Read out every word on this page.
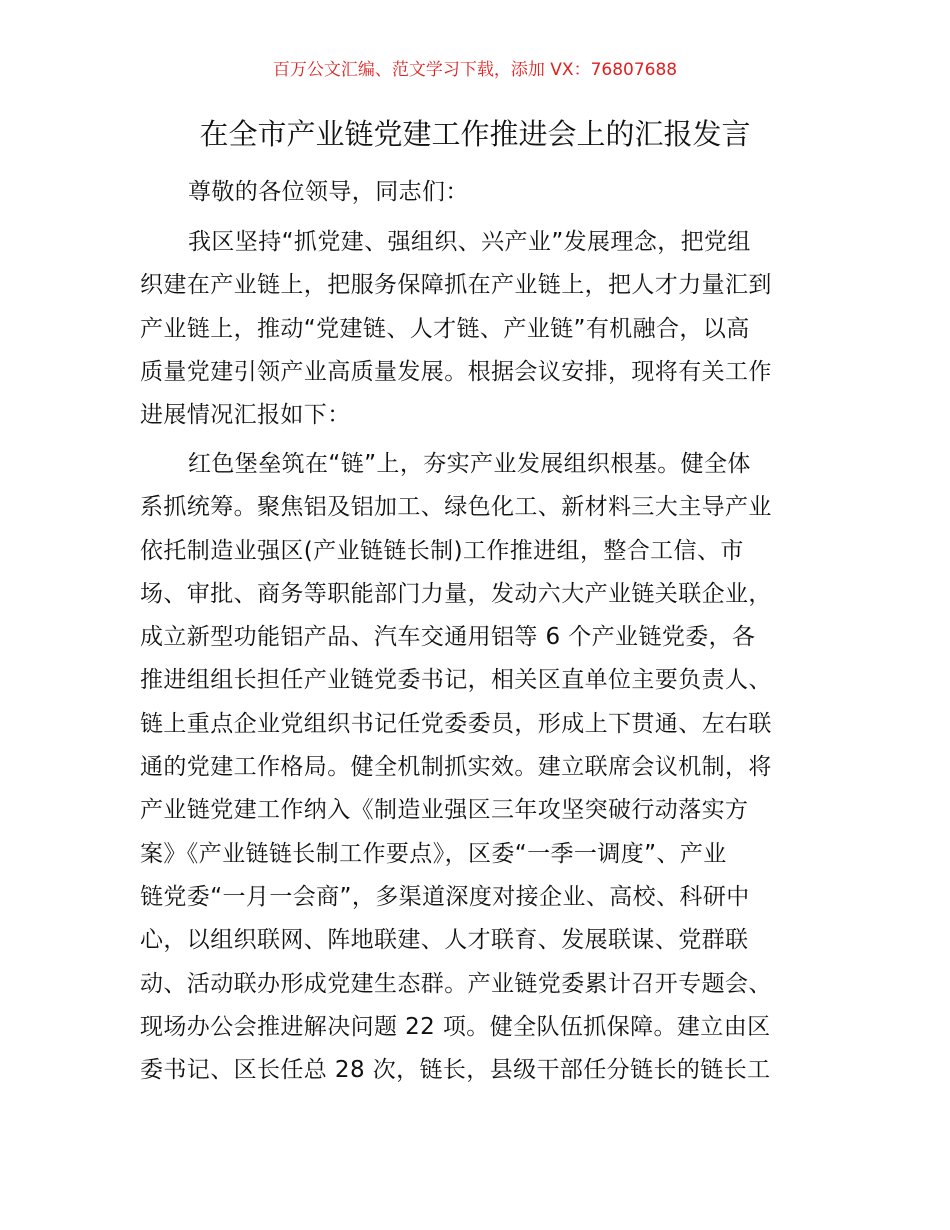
百万公文汇编、范文学习下载，添加 VX：76807688
在全市产业链党建工作推进会上的汇报发言
尊敬的各位领导，同志们：
我区坚持“抓党建、强组织、兴产业”发展理念，把党组
织建在产业链上，把服务保障抓在产业链上，把人才力量汇到
产业链上，推动“党建链、人才链、产业链”有机融合，以高
质量党建引领产业高质量发展。根据会议安排，现将有关工作
进展情况汇报如下：
红色堡垒筑在“链”上，夯实产业发展组织根基。健全体
系抓统筹。聚焦铝及铝加工、绿色化工、新材料三大主导产业
依托制造业强区(产业链链长制)工作推进组，整合工信、市
场、审批、商务等职能部门力量，发动六大产业链关联企业，
成立新型功能铝产品、汽车交通用铝等 6 个产业链党委，各
推进组组长担任产业链党委书记，相关区直单位主要负责人、
链上重点企业党组织书记任党委委员，形成上下贯通、左右联
通的党建工作格局。健全机制抓实效。建立联席会议机制，将
产业链党建工作纳入《制造业强区三年攻坚突破行动落实方
案》《产业链链长制工作要点》，区委“一季一调度”、产业
链党委“一月一会商”，多渠道深度对接企业、高校、科研中
心，以组织联网、阵地联建、人才联育、发展联谋、党群联
动、活动联办形成党建生态群。产业链党委累计召开专题会、
现场办公会推进解决问题 22 项。健全队伍抓保障。建立由区
委书记、区长任总 28 次，链长，县级干部任分链长的链长工
